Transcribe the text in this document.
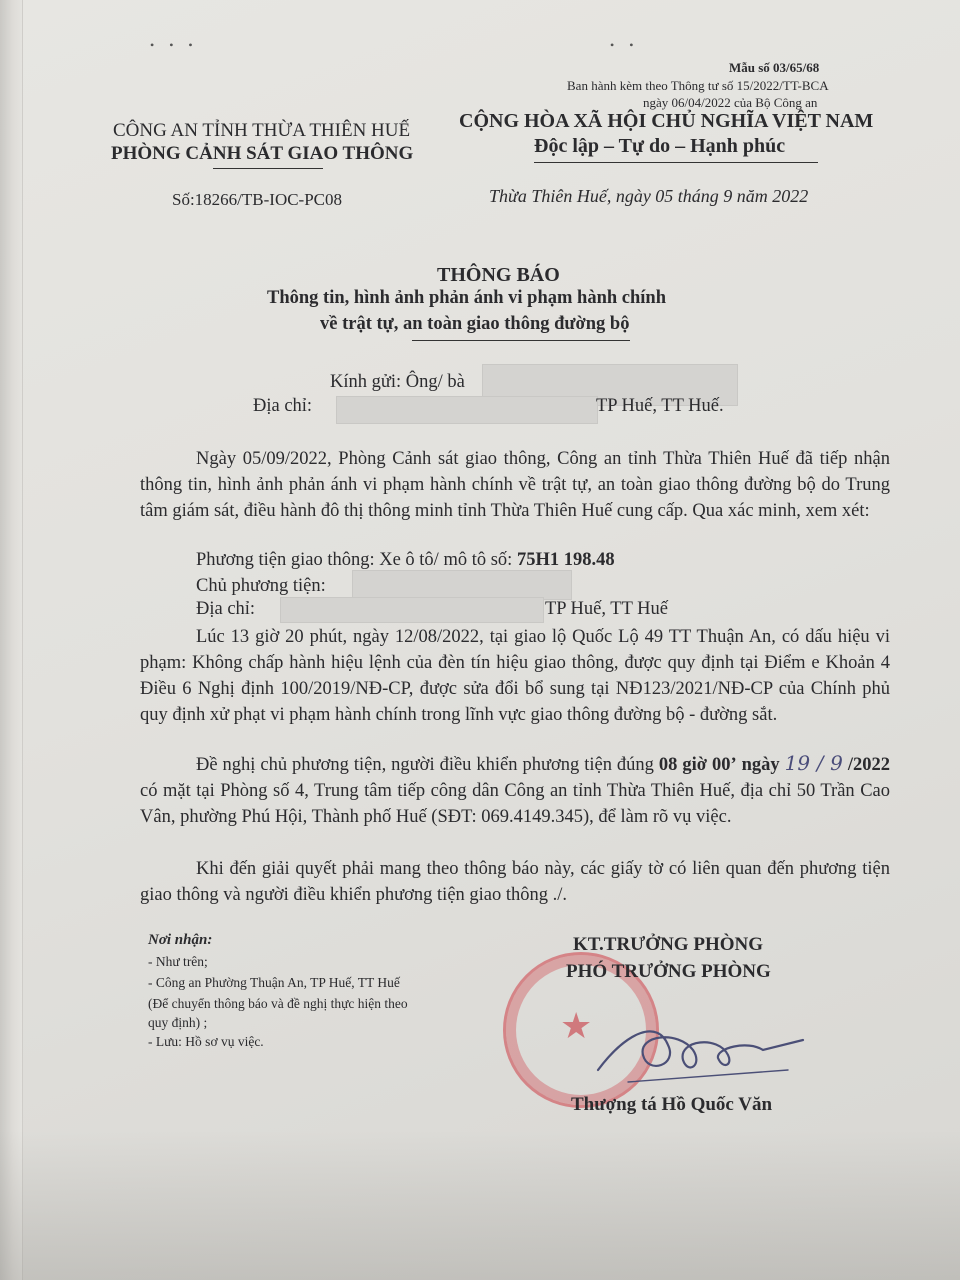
• • •	• •
Mẫu số 03/65/68
Ban hành kèm theo Thông tư số 15/2022/TT-BCA
ngày 06/04/2022 của Bộ Công an
CÔNG AN TỈNH THỪA THIÊN HUẾ
PHÒNG CẢNH SÁT GIAO THÔNG
Số:18266/TB-IOC-PC08
CỘNG HÒA XÃ HỘI CHỦ NGHĨA VIỆT NAM
Độc lập – Tự do – Hạnh phúc
Thừa Thiên Huế, ngày 05 tháng 9 năm 2022
THÔNG BÁO
Thông tin, hình ảnh phản ánh vi phạm hành chính
về trật tự, an toàn giao thông đường bộ
Kính gửi: Ông/ bà
Địa chỉ:	TP Huế, TT Huế.
Ngày 05/09/2022, Phòng Cảnh sát giao thông, Công an tỉnh Thừa Thiên Huế đã tiếp nhận thông tin, hình ảnh phản ánh vi phạm hành chính về trật tự, an toàn giao thông đường bộ do Trung tâm giám sát, điều hành đô thị thông minh tỉnh Thừa Thiên Huế cung cấp. Qua xác minh, xem xét:
Phương tiện giao thông: Xe ô tô/ mô tô số: 75H1 198.48
Chủ phương tiện:
Địa chỉ:	TP Huế, TT Huế
Lúc 13 giờ 20 phút, ngày 12/08/2022, tại giao lộ Quốc Lộ 49 TT Thuận An, có dấu hiệu vi phạm: Không chấp hành hiệu lệnh của đèn tín hiệu giao thông, được quy định tại Điểm e Khoản 4 Điều 6 Nghị định 100/2019/NĐ-CP, được sửa đổi bổ sung tại NĐ123/2021/NĐ-CP của Chính phủ quy định xử phạt vi phạm hành chính trong lĩnh vực giao thông đường bộ - đường sắt.
Đề nghị chủ phương tiện, người điều khiển phương tiện đúng 08 giờ 00’ ngày 19 / 9 /2022 có mặt tại Phòng số 4, Trung tâm tiếp công dân Công an tỉnh Thừa Thiên Huế, địa chỉ 50 Trần Cao Vân, phường Phú Hội, Thành phố Huế (SĐT: 069.4149.345), để làm rõ vụ việc.
Khi đến giải quyết phải mang theo thông báo này, các giấy tờ có liên quan đến phương tiện giao thông và người điều khiển phương tiện giao thông ./.
Nơi nhận:
- Như trên;
- Công an Phường Thuận An, TP Huế, TT Huế
(Để chuyển thông báo và đề nghị thực hiện theo
quy định) ;
- Lưu: Hồ sơ vụ việc.	★
KT.TRƯỞNG PHÒNG
PHÓ TRƯỞNG PHÒNG
Thượng tá Hồ Quốc Văn
